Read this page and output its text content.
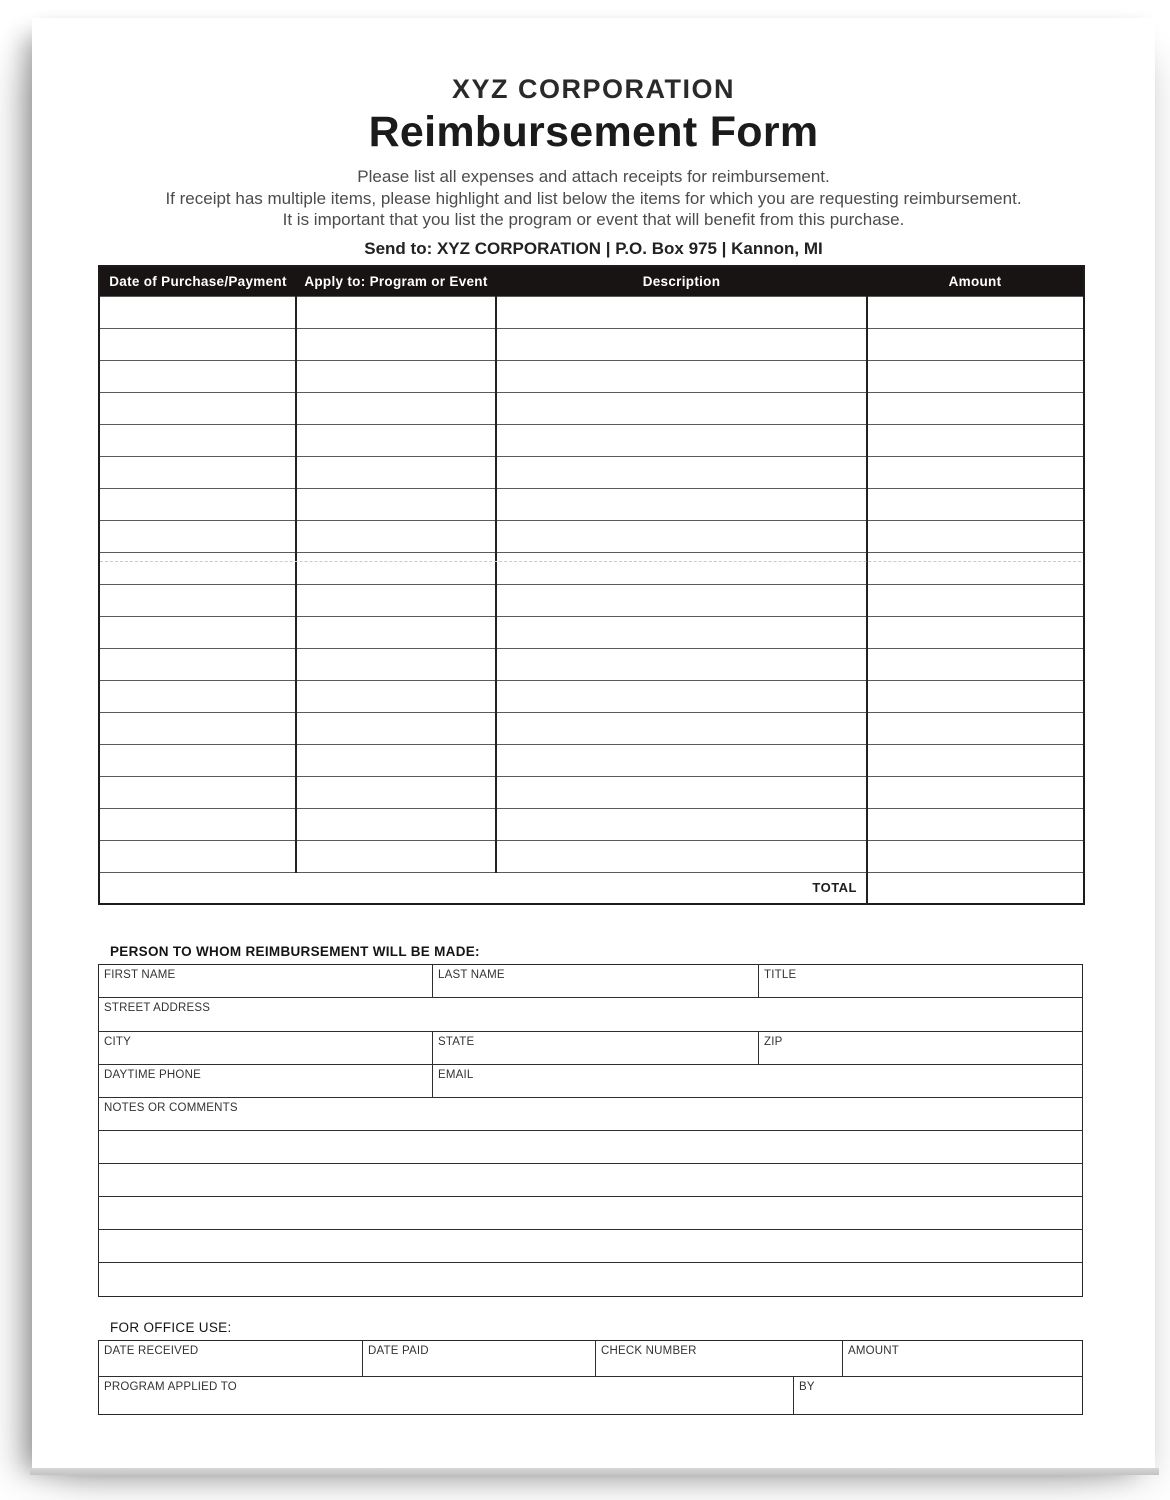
XYZ CORPORATION
Reimbursement Form
Please list all expenses and attach receipts for reimbursement.
If receipt has multiple items, please highlight and list below the items for which you are requesting reimbursement.
It is important that you list the program or event that will benefit from this purchase.
Send to: XYZ CORPORATION | P.O. Box 975 | Kannon, MI
Date of Purchase/Payment	Apply to: Program or Event	Description	Amount

TOTAL			
PERSON TO WHOM REIMBURSEMENT WILL BE MADE:
FIRST NAME	LAST NAME	TITLE
STREET ADDRESS
CITY	STATE	ZIP
DAYTIME PHONE	EMAIL
NOTES OR COMMENTS
FOR OFFICE USE:
DATE RECEIVED	DATE PAID	CHECK NUMBER	AMOUNT
PROGRAM APPLIED TO	BY
